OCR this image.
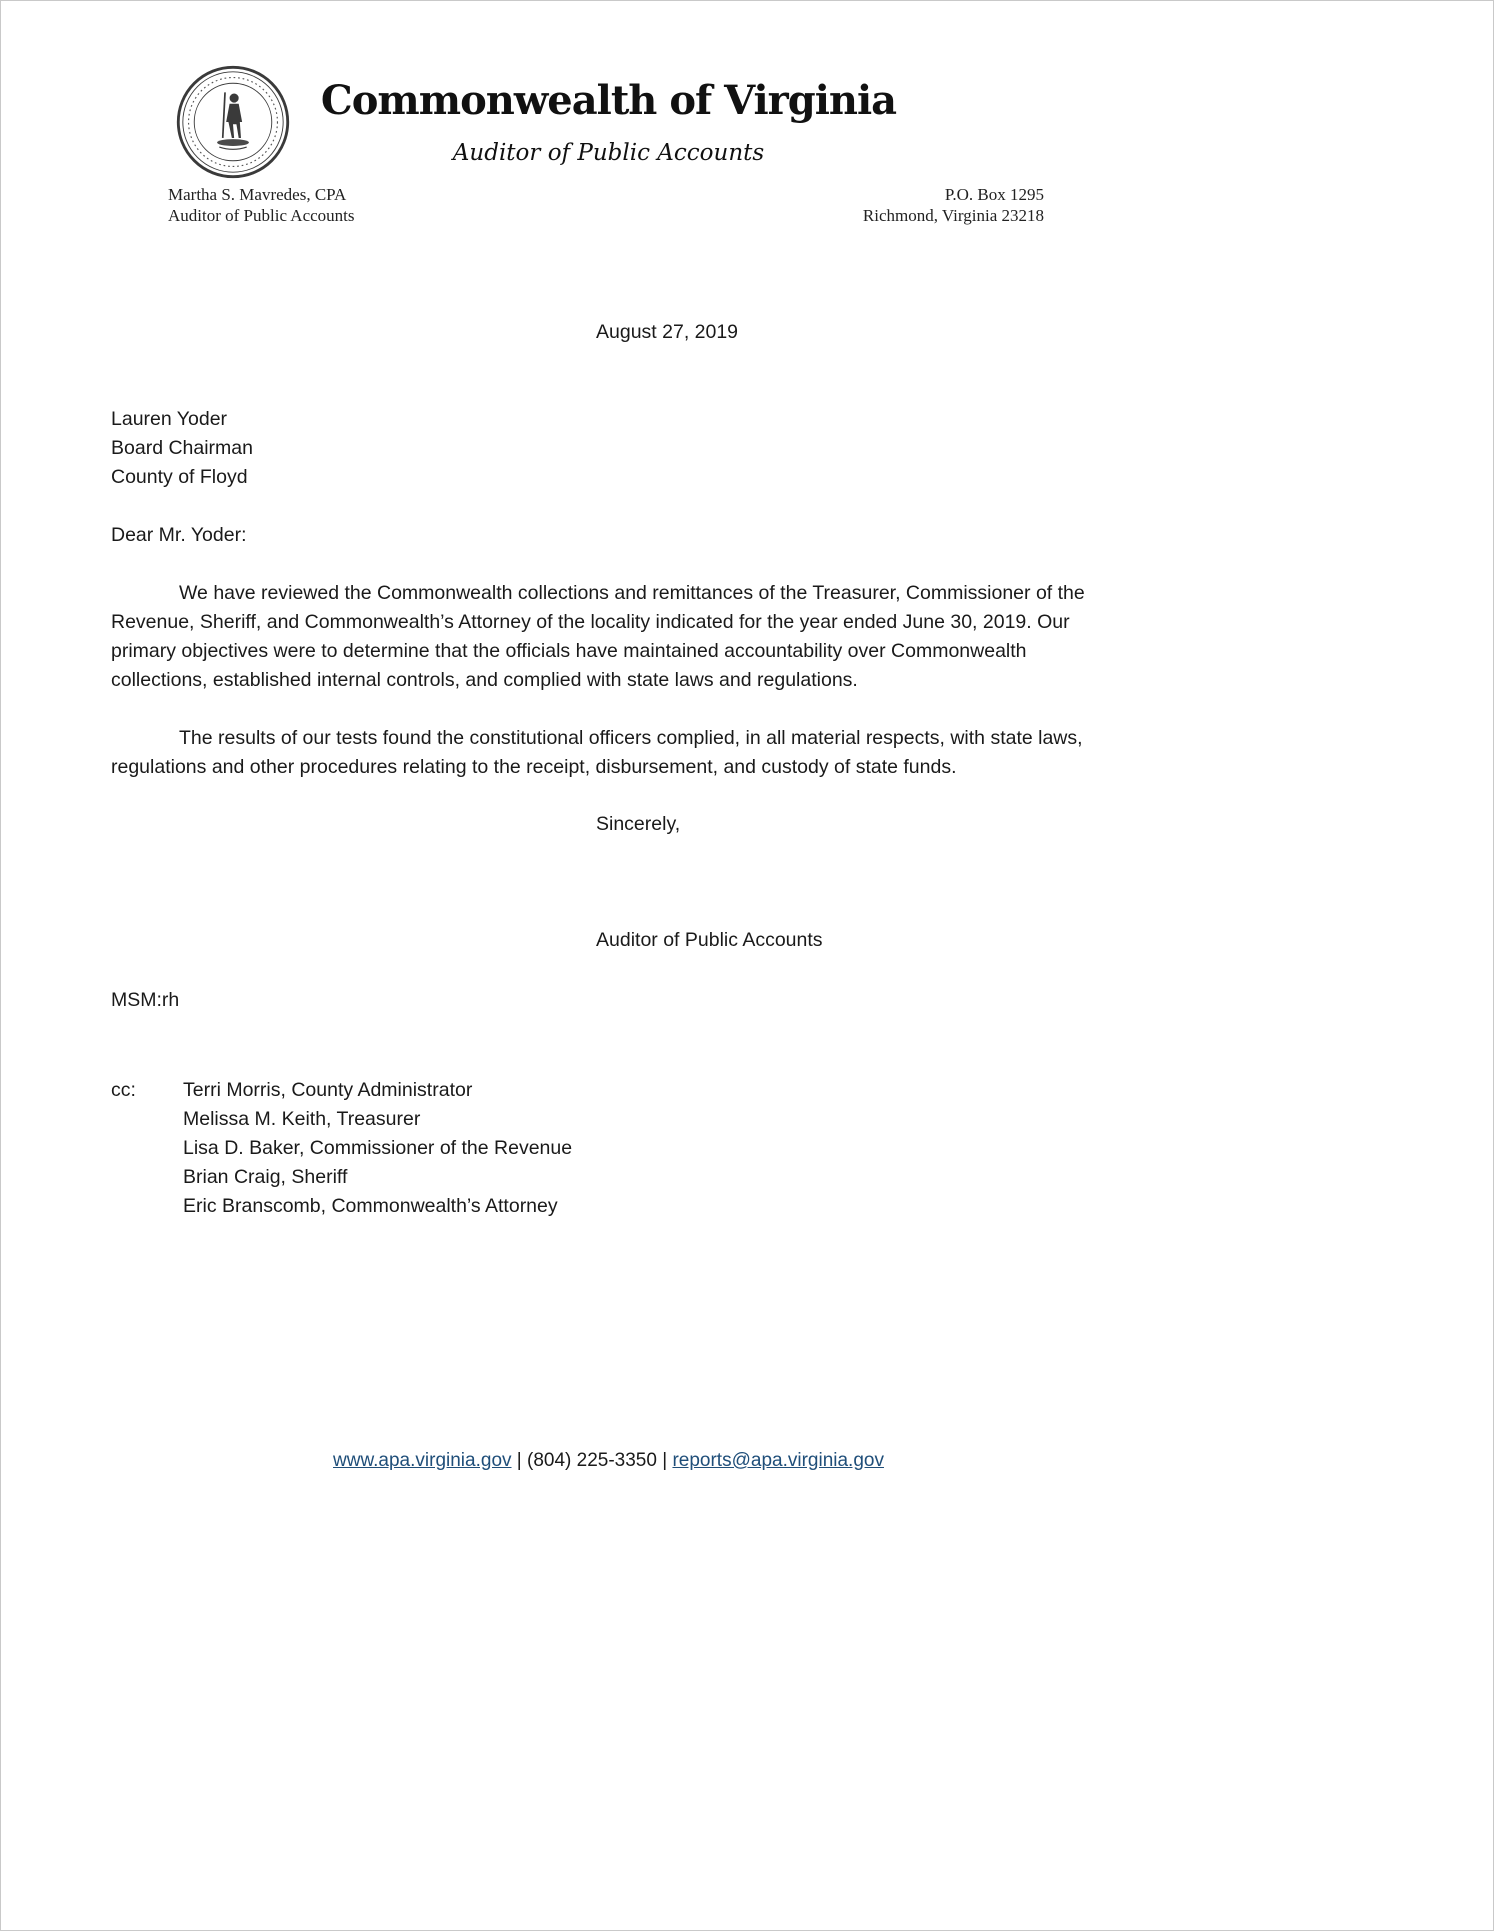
Commonwealth of Virginia
Auditor of Public Accounts
Martha S. Mavredes, CPA
Auditor of Public Accounts
P.O. Box 1295
Richmond, Virginia 23218
August 27, 2019
Lauren Yoder
Board Chairman
County of Floyd
Dear Mr. Yoder:

We have reviewed the Commonwealth collections and remittances of the Treasurer, Commissioner of the Revenue, Sheriff, and Commonwealth’s Attorney of the locality indicated for the year ended June 30, 2019. Our primary objectives were to determine that the officials have maintained accountability over Commonwealth collections, established internal controls, and complied with state laws and regulations.

The results of our tests found the constitutional officers complied, in all material respects, with state laws, regulations and other procedures relating to the receipt, disbursement, and custody of state funds.

Sincerely,
Auditor of Public Accounts
MSM:rh
cc:	Terri Morris, County Administrator
Melissa M. Keith, Treasurer
Lisa D. Baker, Commissioner of the Revenue
Brian Craig, Sheriff
Eric Branscomb, Commonwealth’s Attorney
www.apa.virginia.gov | (804) 225-3350 | reports@apa.virginia.gov
